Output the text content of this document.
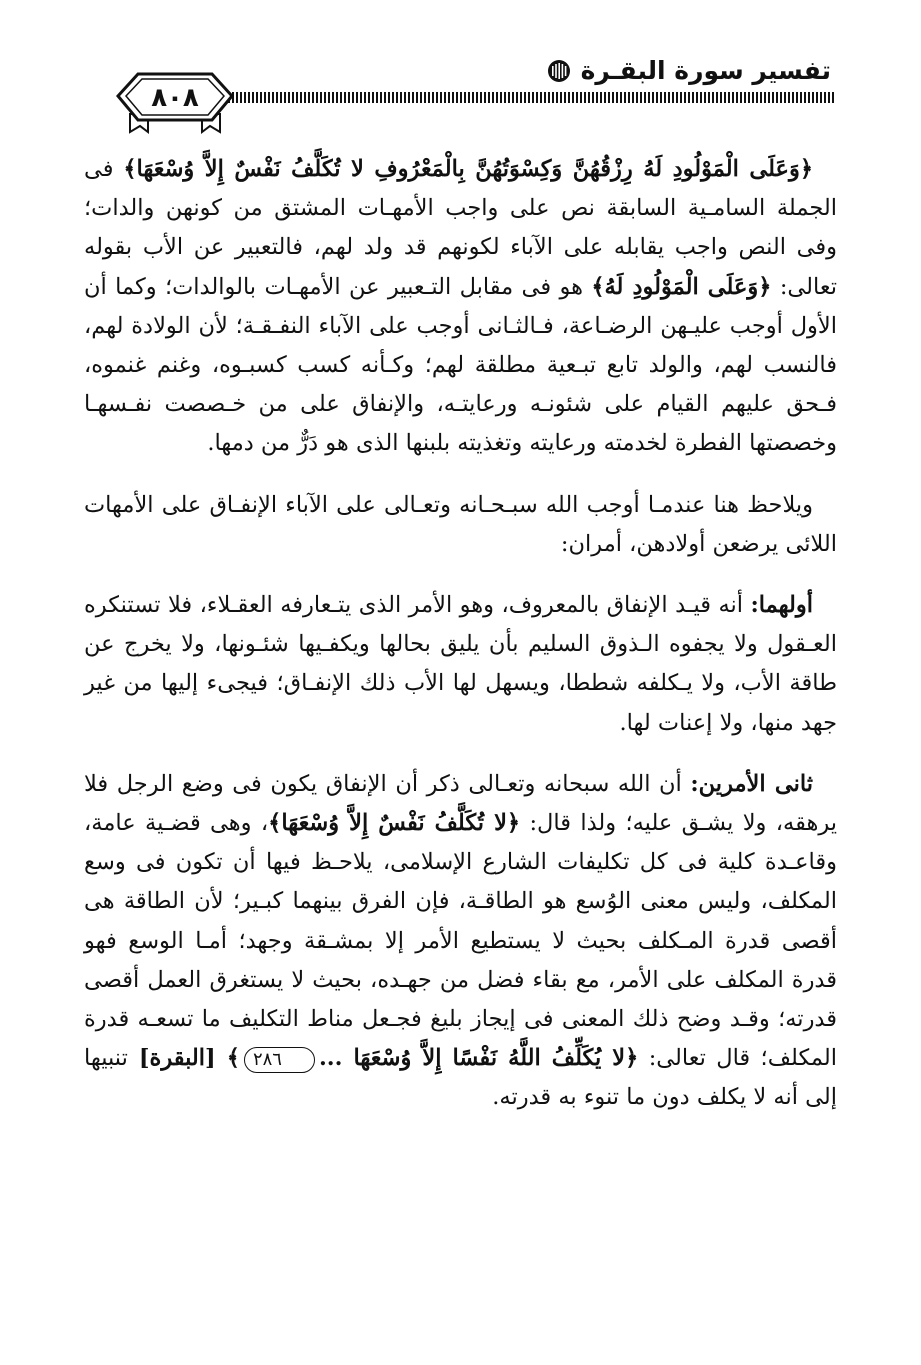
تفسير سورة البقـرة
٨٠٨

﴿وَعَلَى الْمَوْلُودِ لَهُ رِزْقُهُنَّ وَكِسْوَتُهُنَّ بِالْمَعْرُوفِ لا تُكَلَّفُ نَفْسٌ إِلاَّ وُسْعَهَا﴾ فى الجملة السامـية السابقة نص على واجب الأمهـات المشتق من كونهن والدات؛ وفى النص واجب يقابله على الآباء لكونهم قد ولد لهم، فالتعبير عن الأب بقوله تعالى: ﴿وَعَلَى الْمَوْلُودِ لَهُ﴾ هو فى مقابل التـعبير عن الأمهـات بالوالدات؛ وكما أن الأول أوجب عليـهن الرضـاعة، فـالثـانى أوجب على الآباء النفـقـة؛ لأن الولادة لهم، فالنسب لهم، والولد تابع تبـعية مطلقة لهم؛ وكـأنه كسب كسبـوه، وغنم غنموه، فـحق عليهم القيام على شئونـه ورعايتـه، والإنفاق على من خـصصت نفـسهـا وخصصتها الفطرة لخدمته ورعايته وتغذيته بلبنها الذى هو دَرٌّ من دمها.

ويلاحظ هنا عندمـا أوجب الله سبـحـانه وتعـالى على الآباء الإنفـاق على الأمهات اللائى يرضعن أولادهن، أمران:

أولهما: أنه قيـد الإنفاق بالمعروف، وهو الأمر الذى يتـعارفه العقـلاء، فلا تستنكره العـقول ولا يجفوه الـذوق السليم بأن يليق بحالها ويكفـيها شئـونها، ولا يخرج عن طاقة الأب، ولا يـكلفه شططا، ويسهل لها الأب ذلك الإنفـاق؛ فيجىء إليها من غير جهد منها، ولا إعنات لها.

ثانى الأمرين: أن الله سبحانه وتعـالى ذكر أن الإنفاق يكون فى وضع الرجل فلا يرهقه، ولا يشـق عليه؛ ولذا قال: ﴿لا تُكَلَّفُ نَفْسٌ إِلاَّ وُسْعَهَا﴾، وهى قضـية عامة، وقاعـدة كلية فى كل تكليفات الشارع الإسلامى، يلاحـظ فيها أن تكون فى وسع المكلف، وليس معنى الوُسع هو الطاقـة، فإن الفرق بينهما كبـير؛ لأن الطاقة هى أقصى قدرة المـكلف بحيث لا يستطيع الأمر إلا بمشـقة وجهد؛ أمـا الوسع فهو قدرة المكلف على الأمر، مع بقاء فضل من جهـده، بحيث لا يستغرق العمل أقصى قدرته؛ وقـد وضح ذلك المعنى فى إيجاز بليغ فجـعل مناط التكليف ما تسعـه قدرة المكلف؛ قال تعالى: ﴿لا يُكَلِّفُ اللَّهُ نَفْسًا إِلاَّ وُسْعَهَا ...٢٨٦﴾ [البقرة] تنبيها إلى أنه لا يكلف دون ما تنوء به قدرته.
